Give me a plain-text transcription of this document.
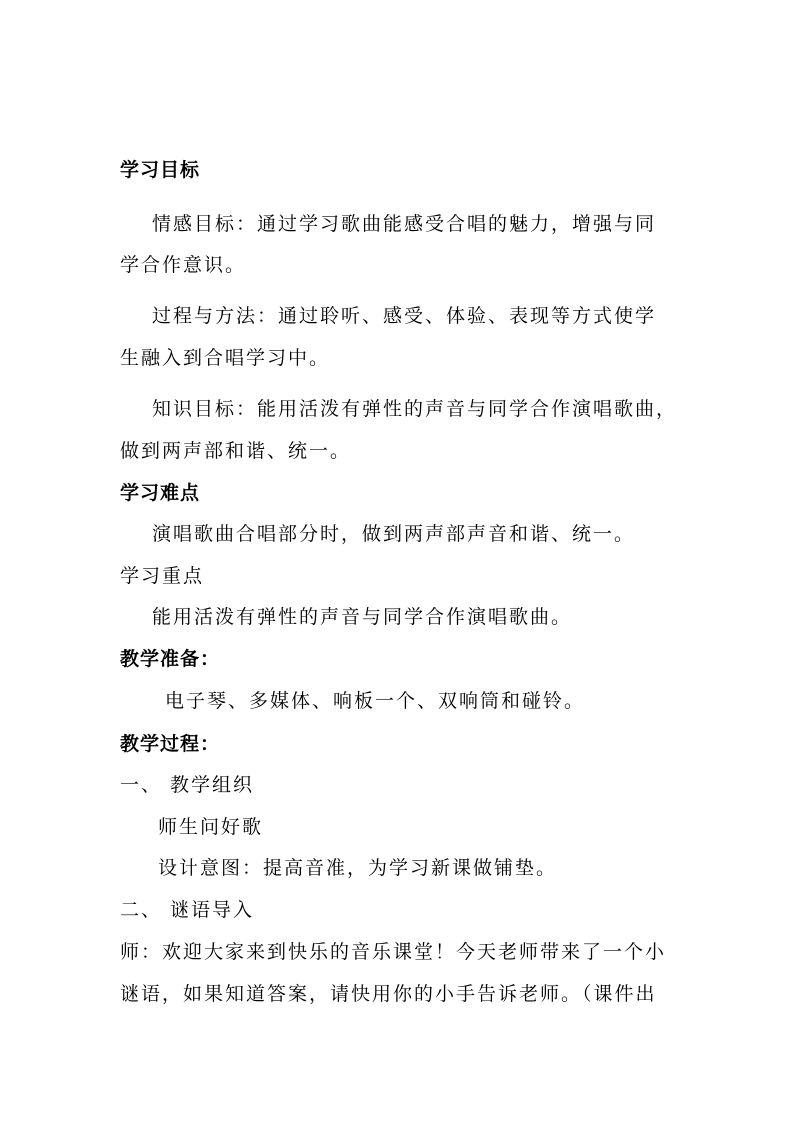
学习目标
情感目标：通过学习歌曲能感受合唱的魅力，增强与同
学合作意识。
过程与方法：通过聆听、感受、体验、表现等方式使学
生融入到合唱学习中。
知识目标：能用活泼有弹性的声音与同学合作演唱歌曲，
做到两声部和谐、统一。
学习难点
演唱歌曲合唱部分时，做到两声部声音和谐、统一。
学习重点
能用活泼有弹性的声音与同学合作演唱歌曲。
教学准备：
电子琴、多媒体、响板一个、双响筒和碰铃。
教学过程：
一、 教学组织
师生问好歌
设计意图：提高音准，为学习新课做铺垫。
二、 谜语导入
师：欢迎大家来到快乐的音乐课堂！今天老师带来了一个小
谜语，如果知道答案，请快用你的小手告诉老师。（课件出
